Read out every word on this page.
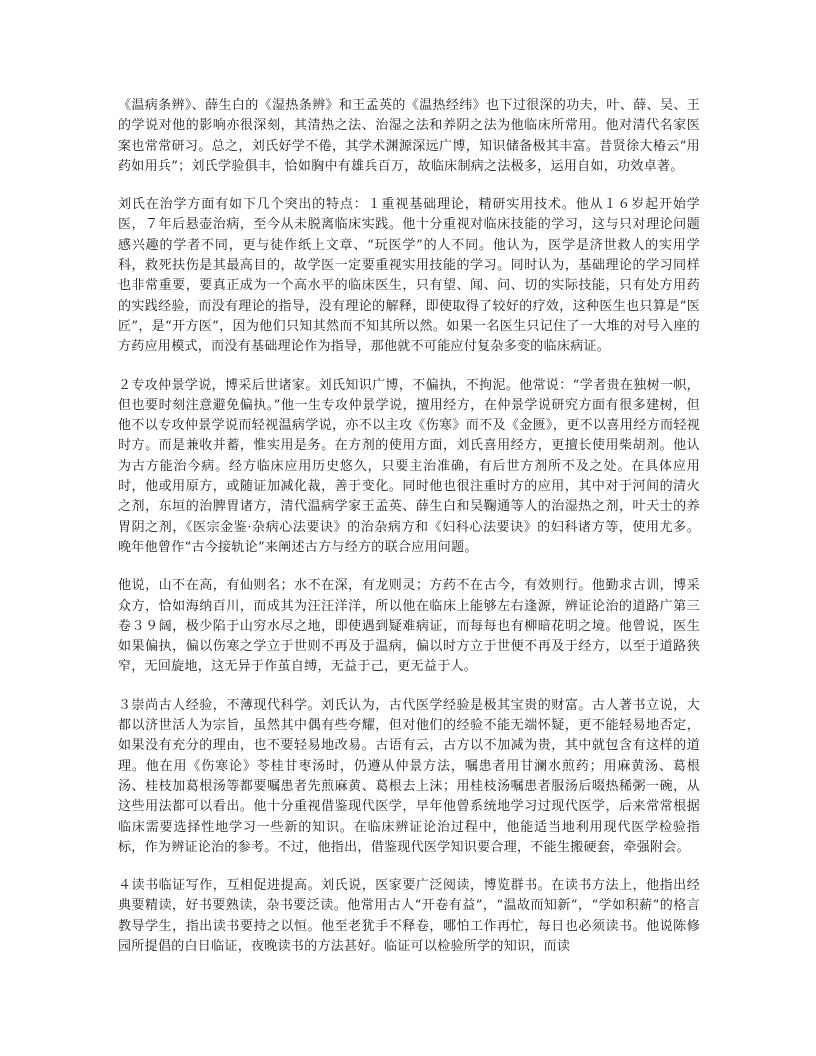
《温病条辨》、薛生白的《湿热条辨》和王孟英的《温热经纬》也下过很深的功夫，叶、薛、吴、王的学说对他的影响亦很深刻，其清热之法、治湿之法和养阴之法为他临床所常用。他对清代名家医案也常常研习。总之，刘氏好学不倦，其学术渊源深远广博，知识储备极其丰富。昔贤徐大椿云“用药如用兵”；刘氏学验俱丰，恰如胸中有雄兵百万，故临床制病之法极多，运用自如，功效卓著。

刘氏在治学方面有如下几个突出的特点：１重视基础理论，精研实用技术。他从１６岁起开始学医，７年后悬壶治病，至今从未脱离临床实践。他十分重视对临床技能的学习，这与只对理论问题感兴趣的学者不同，更与徒作纸上文章、“玩医学”的人不同。他认为，医学是济世救人的实用学科，救死扶伤是其最高目的，故学医一定要重视实用技能的学习。同时认为，基础理论的学习同样也非常重要，要真正成为一个高水平的临床医生，只有望、闻、问、切的实际技能，只有处方用药的实践经验，而没有理论的指导，没有理论的解释，即使取得了较好的疗效，这种医生也只算是“医匠”，是“开方医”，因为他们只知其然而不知其所以然。如果一名医生只记住了一大堆的对号入座的方药应用模式，而没有基础理论作为指导，那他就不可能应付复杂多变的临床病证。

２专攻仲景学说，博采后世诸家。刘氏知识广博，不偏执，不拘泥。他常说：“学者贵在独树一帜，但也要时刻注意避免偏执。”他一生专攻仲景学说，擅用经方，在仲景学说研究方面有很多建树，但他不以专攻仲景学说而轻视温病学说，亦不以主攻《伤寒》而不及《金匮》，更不以喜用经方而轻视时方。而是兼收并蓄，惟实用是务。在方剂的使用方面，刘氏喜用经方，更擅长使用柴胡剂。他认为古方能治今病。经方临床应用历史悠久，只要主治准确，有后世方剂所不及之处。在具体应用时，他或用原方，或随证加减化裁，善于变化。同时他也很注重时方的应用，其中对于河间的清火之剂，东垣的治脾胃诸方，清代温病学家王孟英、薛生白和吴鞠通等人的治湿热之剂，叶天士的养胃阴之剂，《医宗金鉴·杂病心法要诀》的治杂病方和《妇科心法要诀》的妇科诸方等，使用尤多。晚年他曾作“古今接轨论”来阐述古方与经方的联合应用问题。

他说，山不在高，有仙则名；水不在深，有龙则灵；方药不在古今，有效则行。他勤求古训，博采众方，恰如海纳百川，而成其为汪汪洋洋，所以他在临床上能够左右逢源，辨证论治的道路广第三卷３９阔，极少陷于山穷水尽之地，即使遇到疑难病证，而每每也有柳暗花明之境。他曾说，医生如果偏执，偏以伤寒之学立于世则不再及于温病，偏以时方立于世便不再及于经方，以至于道路狭窄，无回旋地，这无异于作茧自缚，无益于己，更无益于人。

３崇尚古人经验，不薄现代科学。刘氏认为，古代医学经验是极其宝贵的财富。古人著书立说，大都以济世活人为宗旨，虽然其中偶有些夸耀，但对他们的经验不能无端怀疑，更不能轻易地否定，如果没有充分的理由，也不要轻易地改易。古语有云，古方以不加减为贵，其中就包含有这样的道理。他在用《伤寒论》苓桂甘枣汤时，仍遵从仲景方法，嘱患者用甘澜水煎药；用麻黄汤、葛根汤、桂枝加葛根汤等都要嘱患者先煎麻黄、葛根去上沫；用桂枝汤嘱患者服汤后啜热稀粥一碗，从这些用法都可以看出。他十分重视借鉴现代医学，早年他曾系统地学习过现代医学，后来常常根据临床需要选择性地学习一些新的知识。在临床辨证论治过程中，他能适当地利用现代医学检验指标，作为辨证论治的参考。不过，他指出，借鉴现代医学知识要合理，不能生搬硬套，牵强附会。

４读书临证写作，互相促进提高。刘氏说，医家要广泛阅读，博览群书。在读书方法上，他指出经典要精读，好书要熟读，杂书要泛读。他常用古人“开卷有益”，“温故而知新”，“学如积薪”的格言教导学生，指出读书要持之以恒。他至老犹手不释卷，哪怕工作再忙，每日也必须读书。他说陈修园所提倡的白日临证，夜晚读书的方法甚好。临证可以检验所学的知识，而读
